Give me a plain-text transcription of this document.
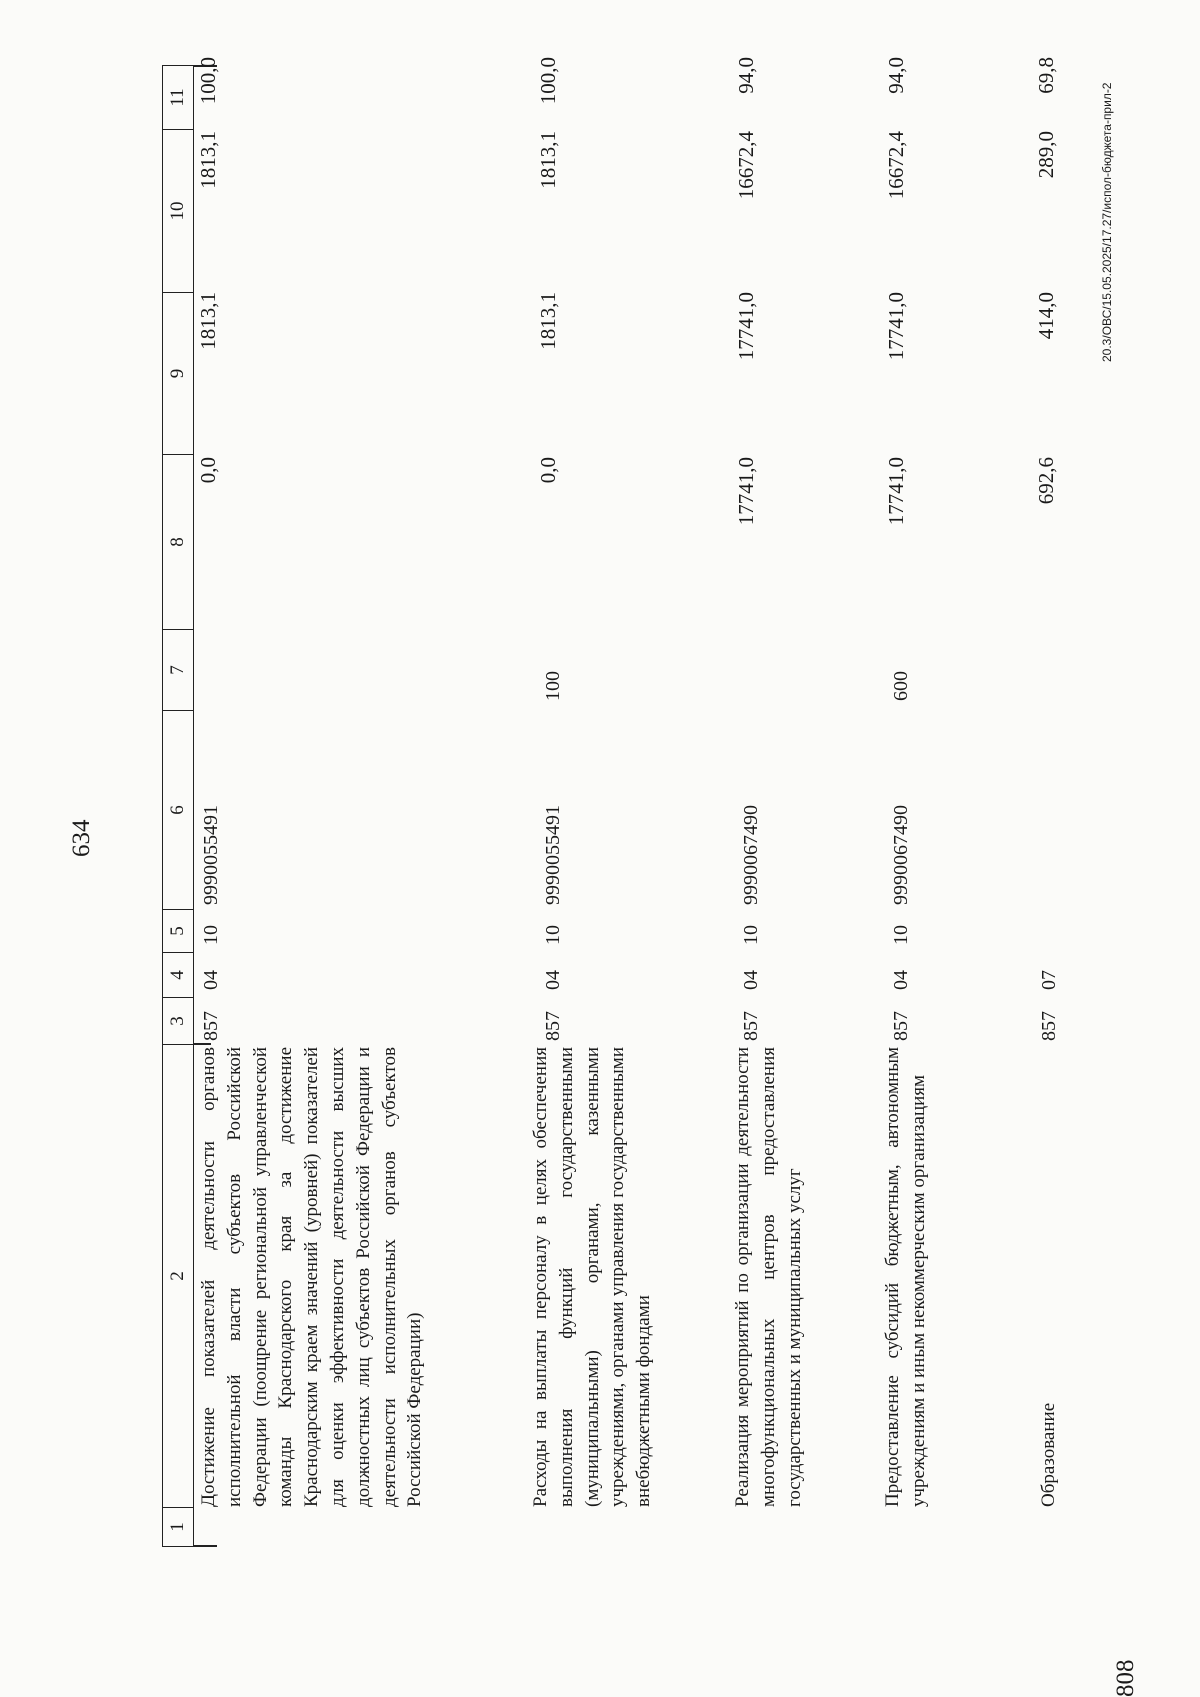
634
808
20.3/ОВС/15.05.2025/17.27/испол-бюджета-прил-2
1
2
3
4
5
6
7
8
9
10
11
Достижение показателей деятельности органов исполнительной власти субъектов Российской Федерации (поощрение региональной управленческой команды Краснодарского края за достижение Краснодарским краем значений (уровней) показателей для оценки эффективности деятельности высших должностных лиц субъектов Российской Федерации и деятельности исполнительных органов субъектов Российской Федерации)
857
04
10
9990055491
0,0
1813,1
1813,1
100,0
Расходы на выплаты персоналу в целях обеспечения выполнения функций государственными (муниципальными) органами, казенными учреждениями, органами управления государственными внебюджетными фондами
857
04
10
9990055491
100
0,0
1813,1
1813,1
100,0
Реализация мероприятий по организации деятельности многофункциональных центров предоставления государственных и муниципальных услуг
857
04
10
9990067490
17741,0
17741,0
16672,4
94,0
Предоставление субсидий бюджетным, автономным учреждениям и иным некоммерческим организациям
857
04
10
9990067490
600
17741,0
17741,0
16672,4
94,0
Образование
857
07
692,6
414,0
289,0
69,8
